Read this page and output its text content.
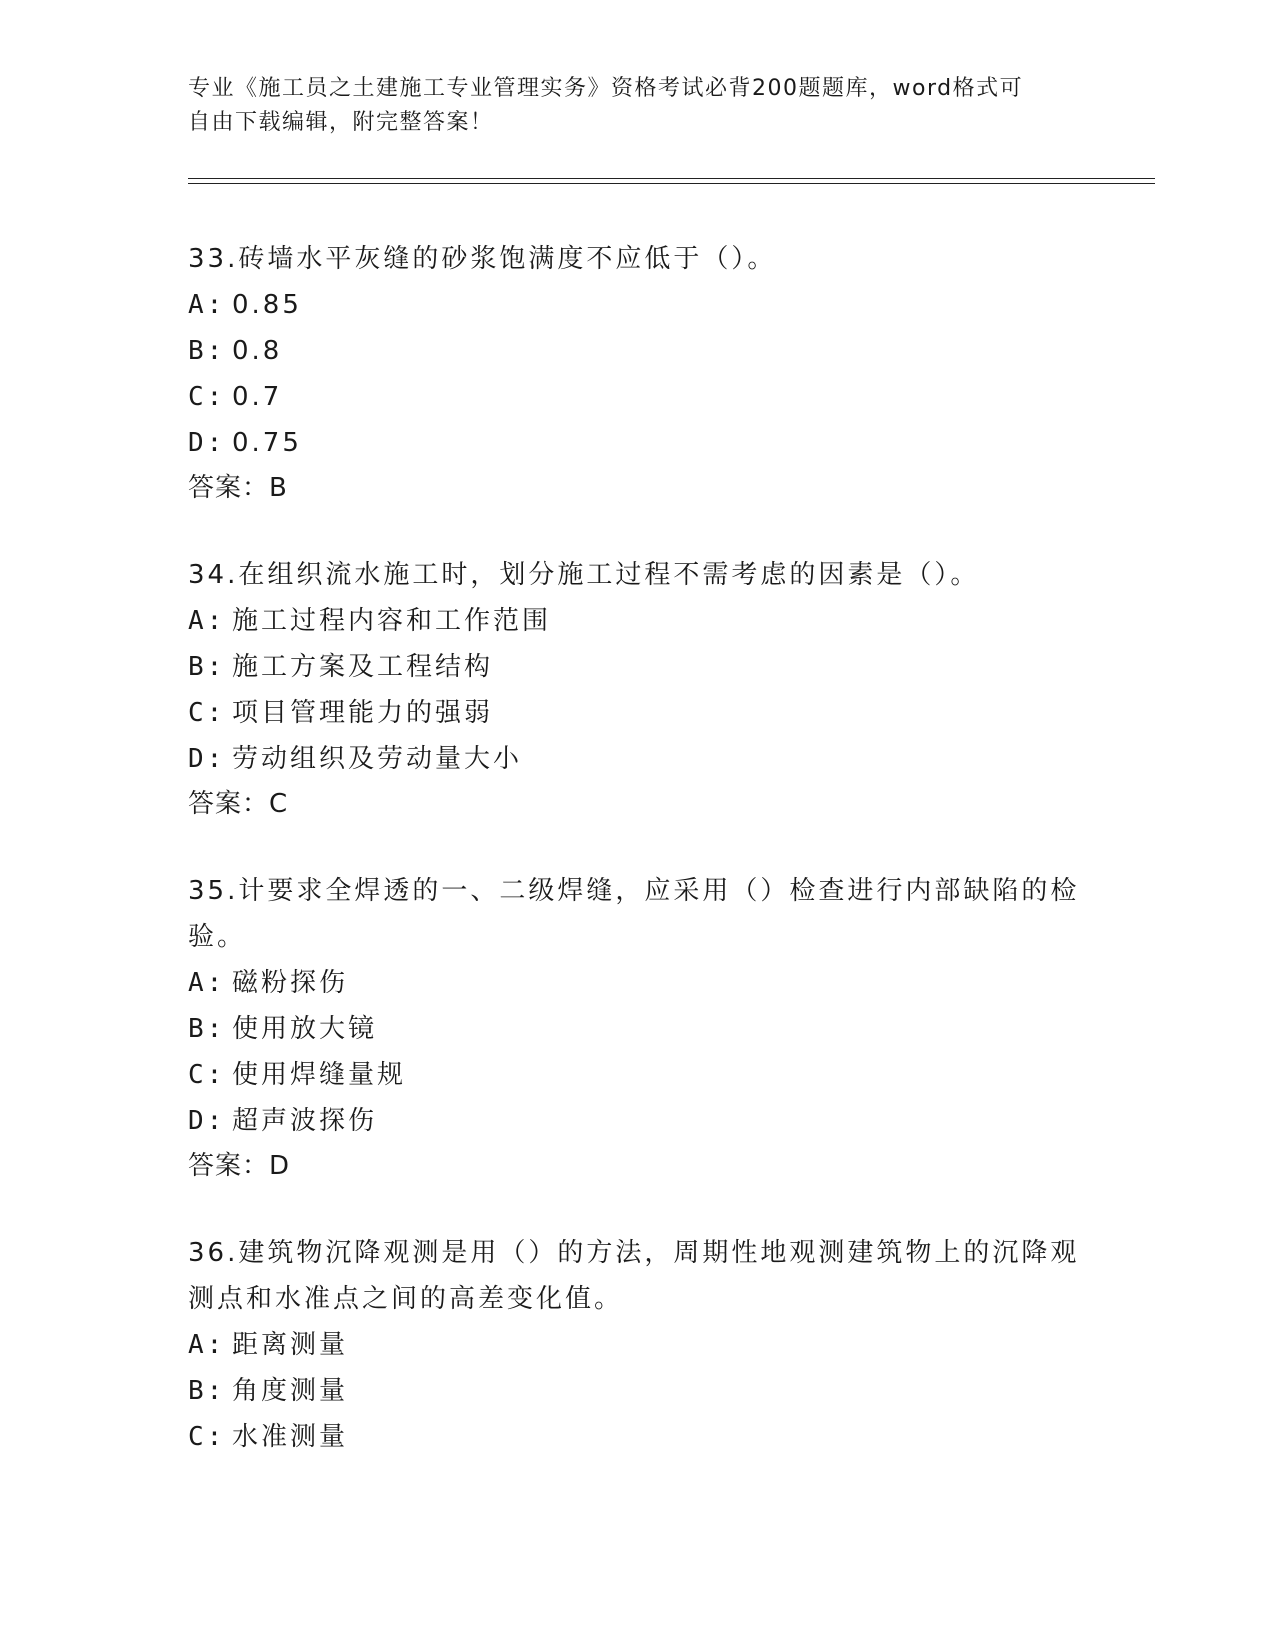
专业《施工员之土建施工专业管理实务》资格考试必背200题题库，word格式可
自由下载编辑，附完整答案！
33.砖墙水平灰缝的砂浆饱满度不应低于（）。
A: 0.85
B: 0.8
C: 0.7
D: 0.75
答案：B
34.在组织流水施工时，划分施工过程不需考虑的因素是（）。
A: 施工过程内容和工作范围
B: 施工方案及工程结构
C: 项目管理能力的强弱
D: 劳动组织及劳动量大小
答案：C
35.计要求全焊透的一、二级焊缝，应采用（）检查进行内部缺陷的检验。
A: 磁粉探伤
B: 使用放大镜
C: 使用焊缝量规
D: 超声波探伤
答案：D
36.建筑物沉降观测是用（）的方法，周期性地观测建筑物上的沉降观测点和水准点之间的高差变化值。
A: 距离测量
B: 角度测量
C: 水准测量
